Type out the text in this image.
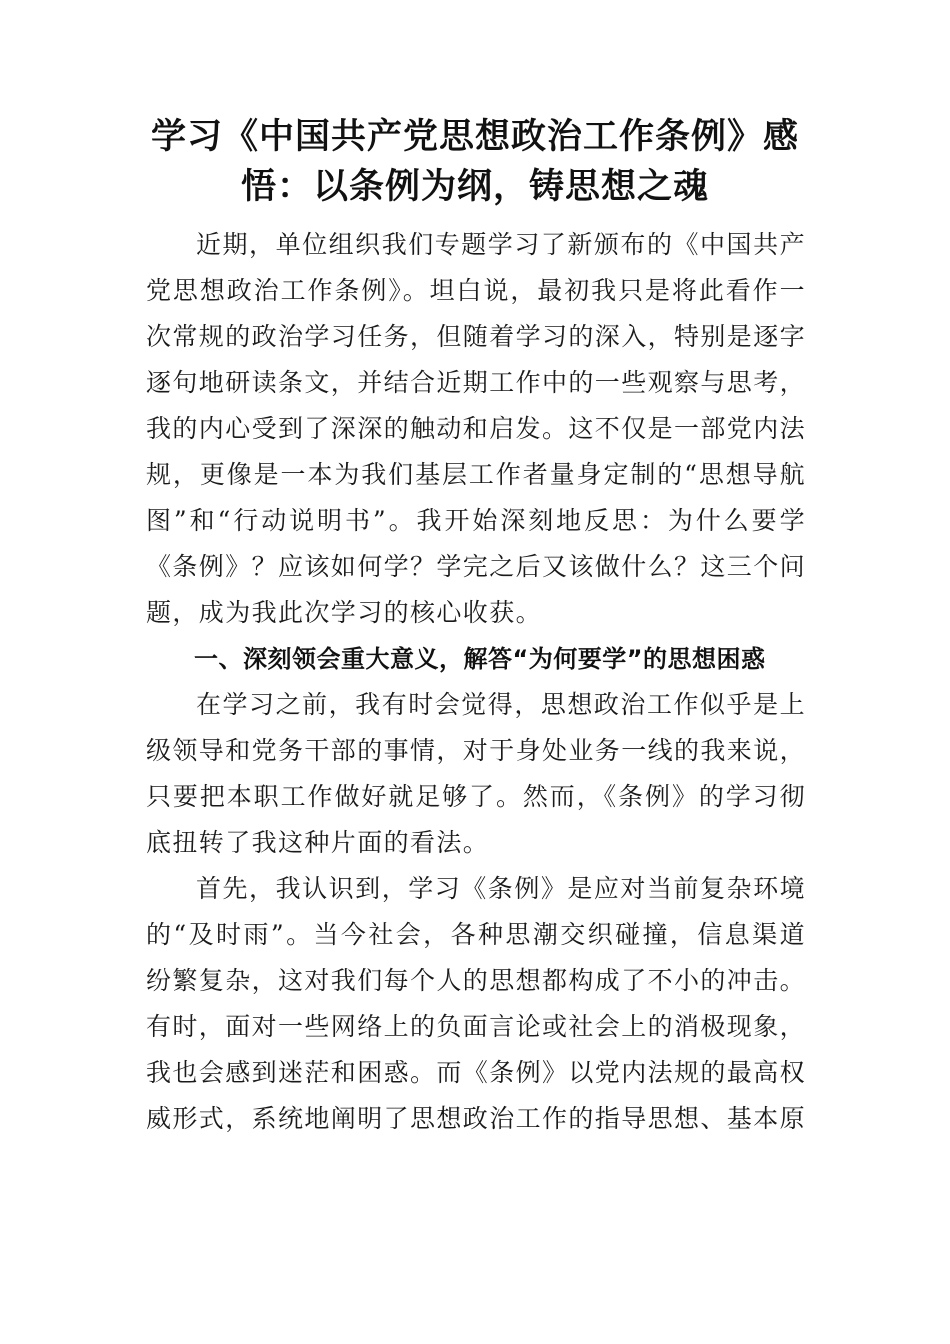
学习《中国共产党思想政治工作条例》感
悟：以条例为纲，铸思想之魂

近期，单位组织我们专题学习了新颁布的《中国共产党思想政治工作条例》。坦白说，最初我只是将此看作一次常规的政治学习任务，但随着学习的深入，特别是逐字逐句地研读条文，并结合近期工作中的一些观察与思考，我的内心受到了深深的触动和启发。这不仅是一部党内法规，更像是一本为我们基层工作者量身定制的“思想导航图”和“行动说明书”。我开始深刻地反思：为什么要学《条例》？应该如何学？学完之后又该做什么？这三个问题，成为我此次学习的核心收获。

一、深刻领会重大意义，解答“为何要学”的思想困惑

在学习之前，我有时会觉得，思想政治工作似乎是上级领导和党务干部的事情，对于身处业务一线的我来说，只要把本职工作做好就足够了。然而，《条例》的学习彻底扭转了我这种片面的看法。

首先，我认识到，学习《条例》是应对当前复杂环境的“及时雨”。当今社会，各种思潮交织碰撞，信息渠道纷繁复杂，这对我们每个人的思想都构成了不小的冲击。有时，面对一些网络上的负面言论或社会上的消极现象，我也会感到迷茫和困惑。而《条例》以党内法规的最高权威形式，系统地阐明了思想政治工作的指导思想、基本原
